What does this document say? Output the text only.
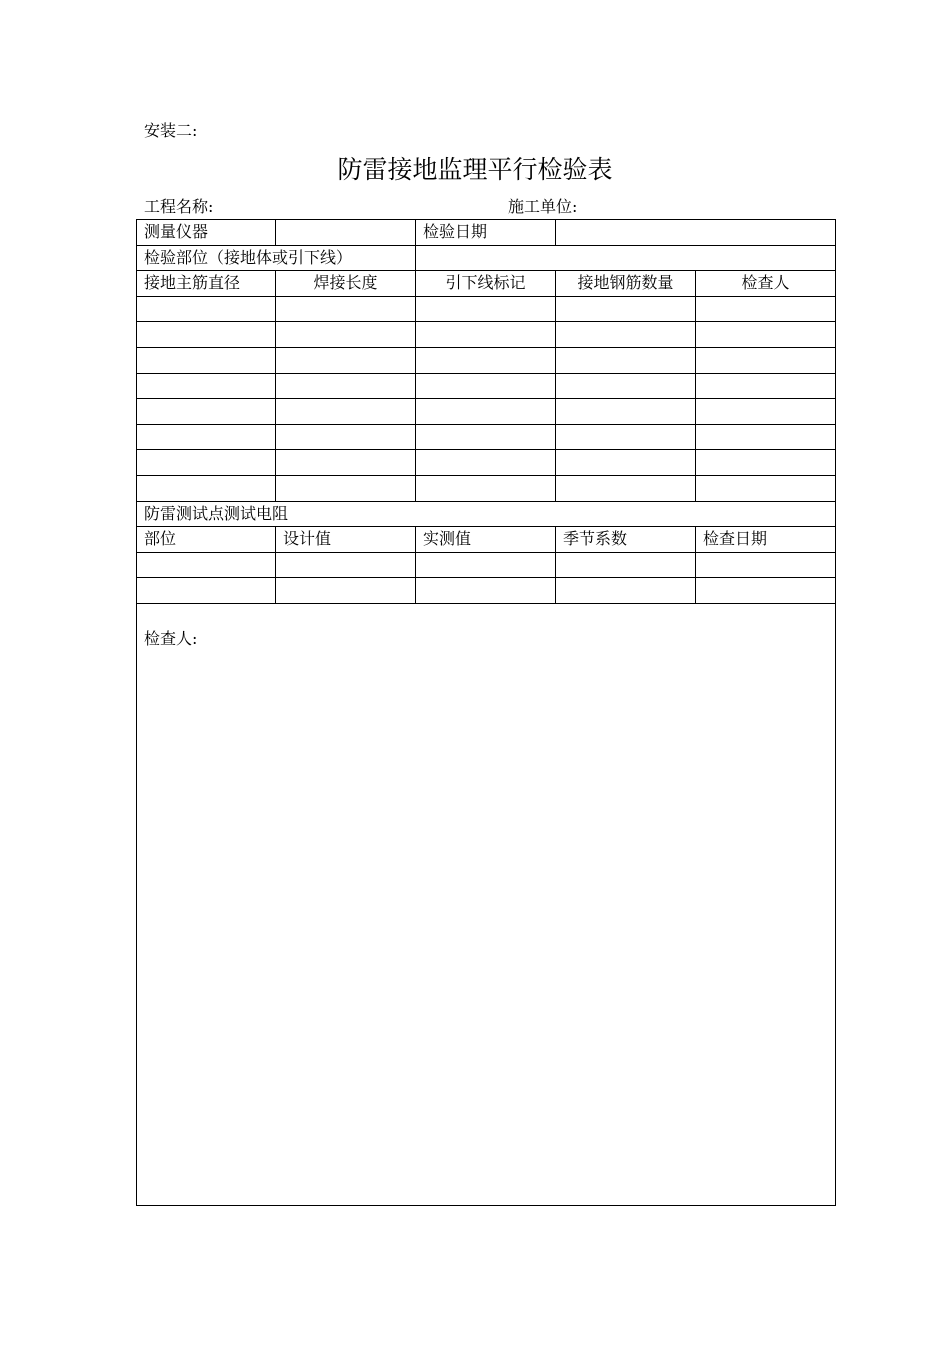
安装二:
防雷接地监理平行检验表
工程名称:	施工单位:
测量仪器		检验日期		
检验部位（接地体或引下线）				
接地主筋直径	焊接长度	引下线标记	接地钢筋数量	检查人

防雷测试点测试电阻				
部位	设计值	实测值	季节系数	检查日期

检查人:				
